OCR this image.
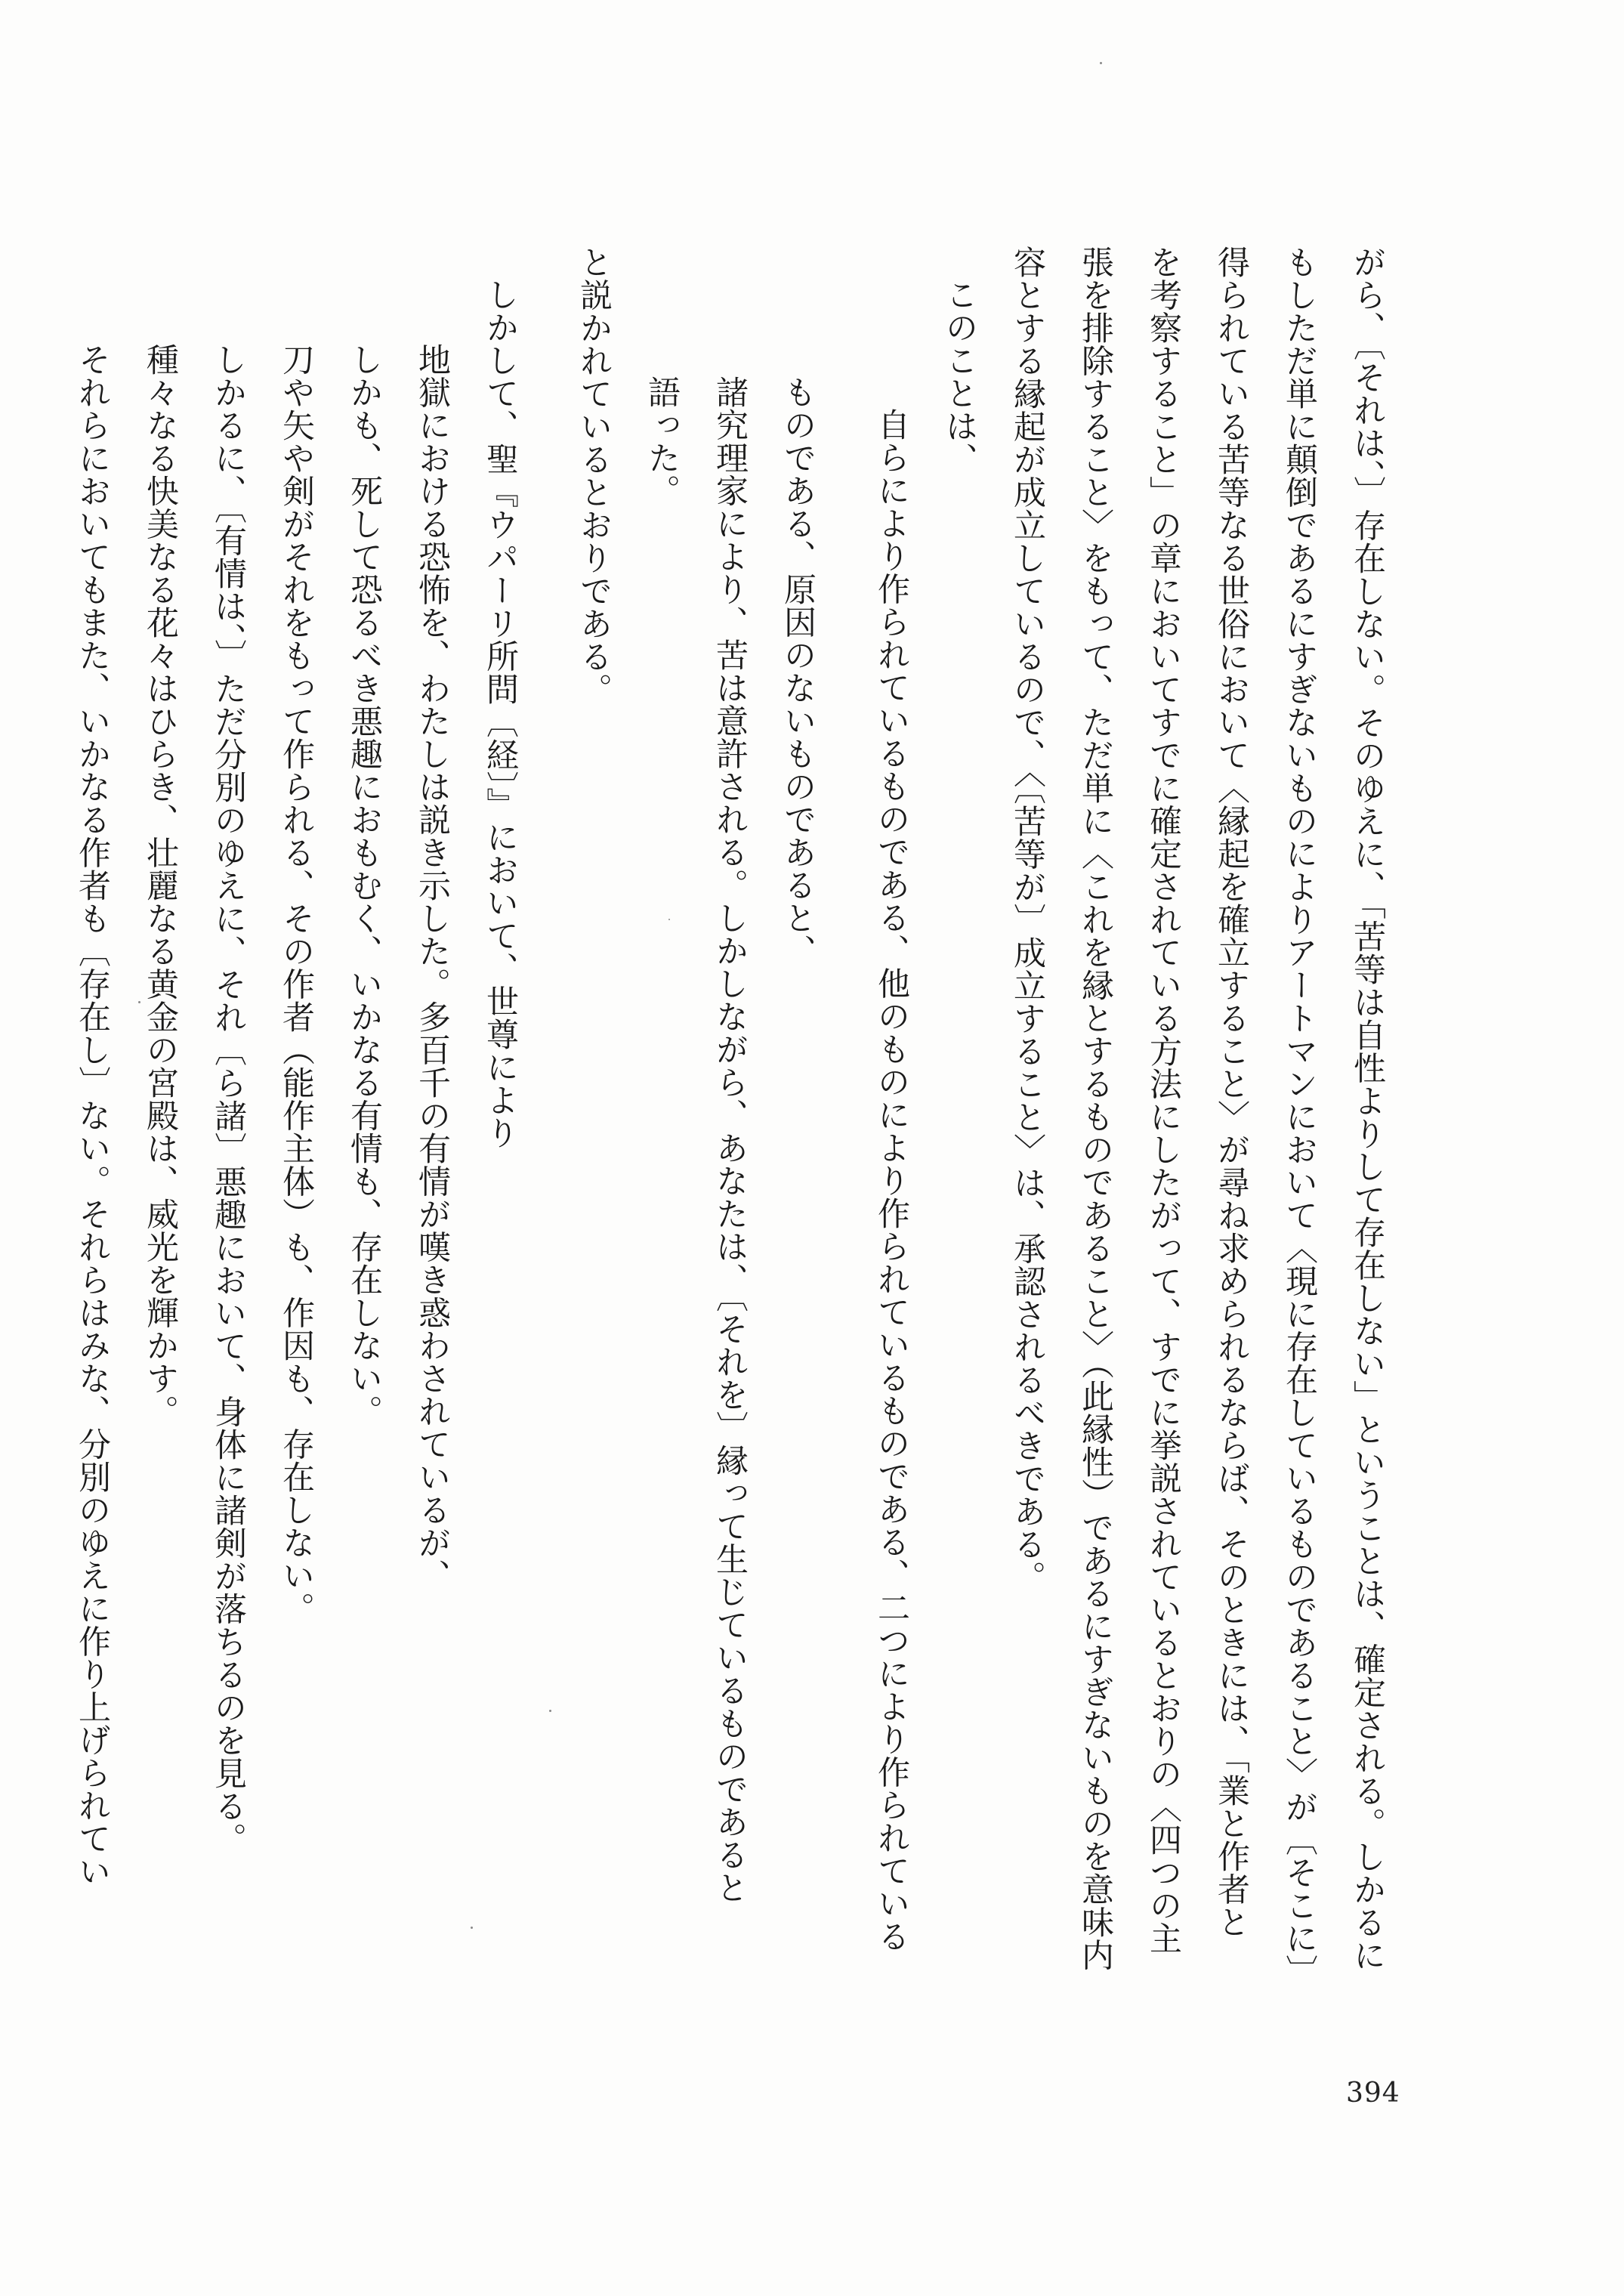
がら、〔それは、〕存在しない。そのゆえに、「苦等は自性よりして存在しない」ということは、確定される。しかるに
もしただ単に顛倒であるにすぎないものによりアートマンにおいて〈現に存在しているものであること〉が〔そこに〕
得られている苦等なる世俗において〈縁起を確立すること〉が尋ね求められるならば、そのときには、「業と作者と
を考察すること」の章においてすでに確定されている方法にしたがって、すでに挙説されているとおりの〈四つの主
張を排除すること〉をもって、ただ単に〈これを縁とするものであること〉（此縁性）であるにすぎないものを意味内
容とする縁起が成立しているので、〈〔苦等が〕成立すること〉は、承認されるべきである。
このことは、
自らにより作られているものである、他のものにより作られているものである、二つにより作られている
ものである、原因のないものであると、
諸究理家により、苦は意許される。しかしながら、あなたは、〔それを〕縁って生じているものであると
語った。
と説かれているとおりである。
しかして、聖『ウパーリ所問〔経〕』において、世尊により
地獄における恐怖を、わたしは説き示した。多百千の有情が嘆き惑わされているが、
しかも、死して恐るべき悪趣におもむく、いかなる有情も、存在しない。
刀や矢や剣がそれをもって作られる、その作者（能作主体）も、作因も、存在しない。
しかるに、〔有情は、〕ただ分別のゆえに、それ〔ら諸〕悪趣において、身体に諸剣が落ちるのを見る。
種々なる快美なる花々はひらき、壮麗なる黄金の宮殿は、威光を輝かす。
それらにおいてもまた、いかなる作者も〔存在し〕ない。それらはみな、分別のゆえに作り上げられてい
394
